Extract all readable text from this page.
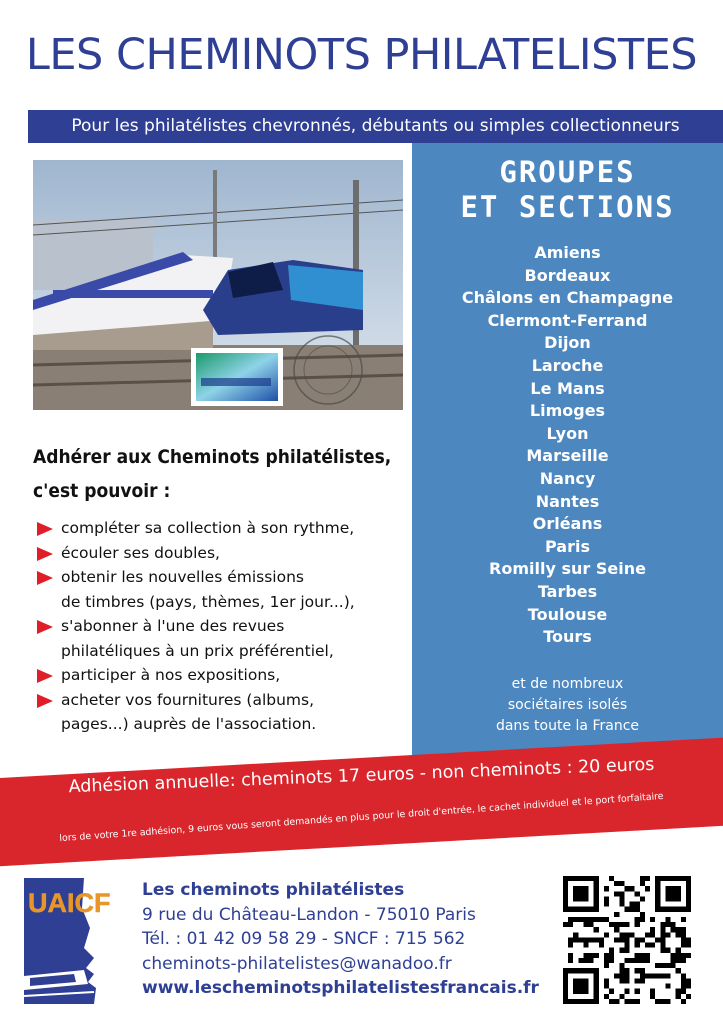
LES CHEMINOTS PHILATELISTES
Pour les philatélistes chevronnés, débutants ou simples collectionneurs
GROUPES
ET SECTIONS
Amiens
Bordeaux
Châlons en Champagne
Clermont-Ferrand
Dijon
Laroche
Le Mans
Limoges
Lyon
Marseille
Nancy
Nantes
Orléans
Paris
Romilly sur Seine
Tarbes
Toulouse
Tours
et de nombreux
sociétaires isolés
dans toute la France
Adhérer aux Cheminots philatélistes,
c'est pouvoir :
compléter sa collection à son rythme,
écouler ses doubles,
obtenir les nouvelles émissions
de timbres (pays, thèmes, 1er jour...),
s'abonner à l'une des revues
philatéliques à un prix préférentiel,
participer à nos expositions,
acheter vos fournitures (albums,
pages...) auprès de l'association.
Adhésion annuelle: cheminots 17 euros - non cheminots : 20 euros
lors de votre 1re adhésion, 9 euros vous seront demandés en plus pour le droit d'entrée, le cachet individuel et le port forfaitaire
UAICF Les cheminots philatélistes
9 rue du Château-Landon - 75010 Paris
Tél. : 01 42 09 58 29 - SNCF : 715 562
cheminots-philatelistes@wanadoo.fr
www.lescheminotsphilatelistesfrancais.fr
